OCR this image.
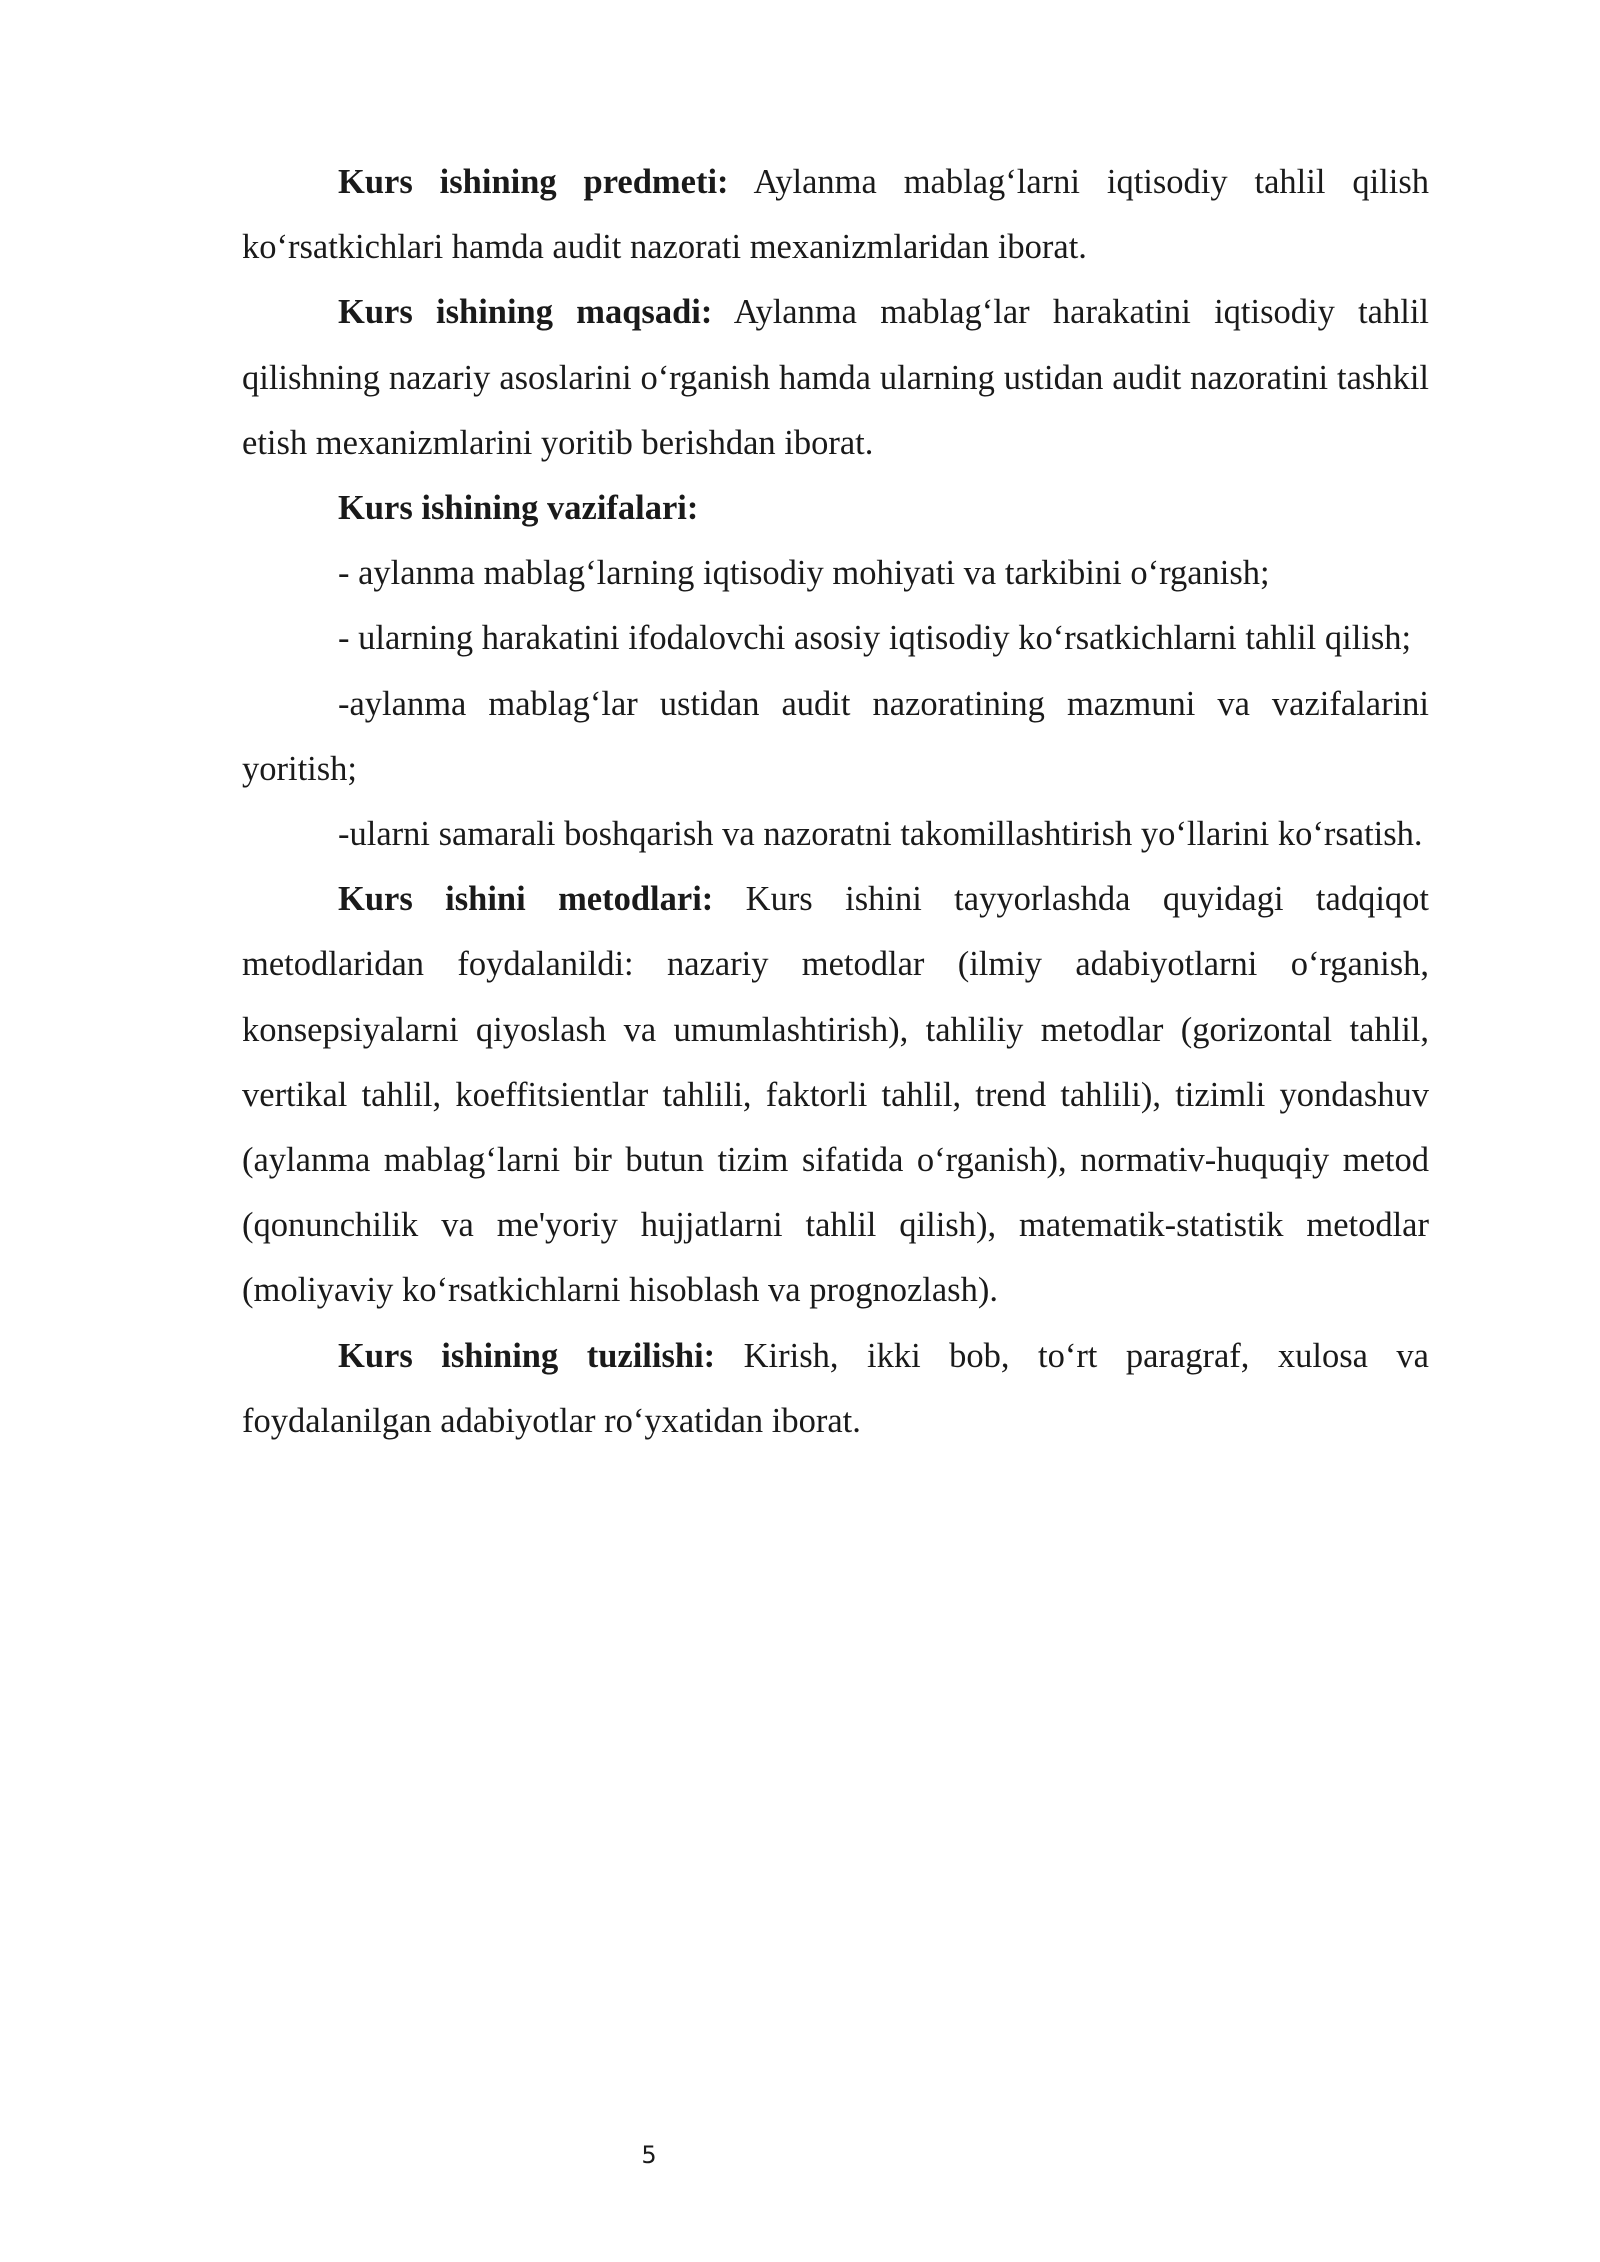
Kurs ishining predmeti: Aylanma mablag‘larni iqtisodiy tahlil qilish ko‘rsatkichlari hamda audit nazorati mexanizmlaridan iborat.

Kurs ishining maqsadi: Aylanma mablag‘lar harakatini iqtisodiy tahlil qilishning nazariy asoslarini o‘rganish hamda ularning ustidan audit nazoratini tashkil etish mexanizmlarini yoritib berishdan iborat.

Kurs ishining vazifalari:

- aylanma mablag‘larning iqtisodiy mohiyati va tarkibini o‘rganish;

- ularning harakatini ifodalovchi asosiy iqtisodiy ko‘rsatkichlarni tahlil qilish;

-aylanma mablag‘lar ustidan audit nazoratining mazmuni va vazifalarini yoritish;

-ularni samarali boshqarish va nazoratni takomillashtirish yo‘llarini ko‘rsatish.

Kurs ishini metodlari: Kurs ishini tayyorlashda quyidagi tadqiqot metodlaridan foydalanildi: nazariy metodlar (ilmiy adabiyotlarni o‘rganish, konsepsiyalarni qiyoslash va umumlashtirish), tahliliy metodlar (gorizontal tahlil, vertikal tahlil, koeffitsientlar tahlili, faktorli tahlil, trend tahlili), tizimli yondashuv (aylanma mablag‘larni bir butun tizim sifatida o‘rganish), normativ-huquqiy metod (qonunchilik va me'yoriy hujjatlarni tahlil qilish), matematik-statistik metodlar (moliyaviy ko‘rsatkichlarni hisoblash va prognozlash).

Kurs ishining tuzilishi: Kirish, ikki bob, to‘rt paragraf, xulosa va foydalanilgan adabiyotlar ro‘yxatidan iborat.

5
